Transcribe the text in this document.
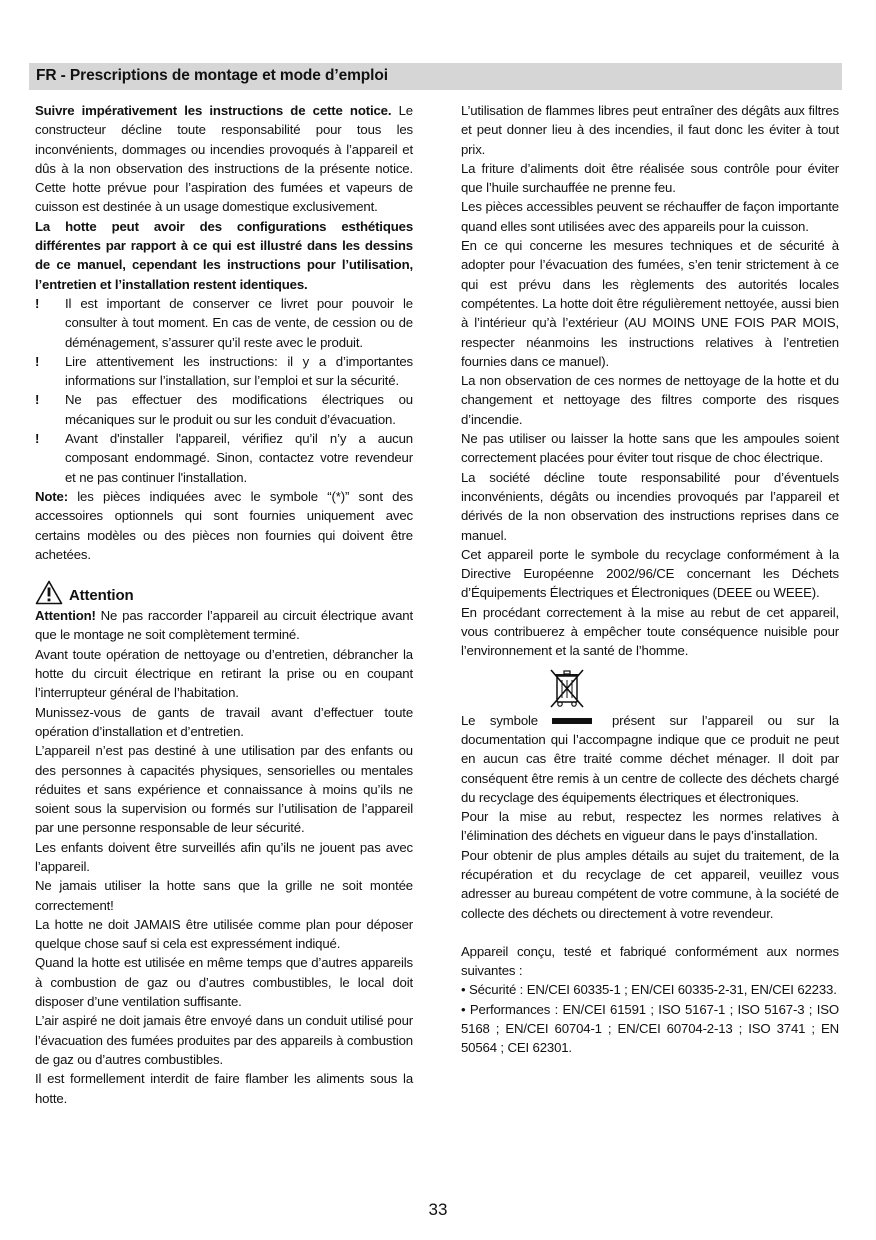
FR - Prescriptions de montage et mode d’emploi

Suivre impérativement les instructions de cette notice. Le constructeur décline toute responsabilité pour tous les inconvénients, dommages ou incendies provoqués à l’appareil et dûs à la non observation des instructions de la présente notice. Cette hotte prévue pour l’aspiration des fumées et vapeurs de cuisson est destinée à un usage domestique exclusivement.

La hotte peut avoir des configurations esthétiques différentes par rapport à ce qui est illustré dans les dessins de ce manuel, cependant les instructions pour l’utilisation, l’entretien et l’installation restent identiques.

! Il est important de conserver ce livret pour pouvoir le consulter à tout moment. En cas de vente, de cession ou de déménagement, s’assurer qu’il reste avec le produit.
! Lire attentivement les instructions: il y a d’importantes informations sur l’installation, sur l’emploi et sur la sécurité.
! Ne pas effectuer des modifications électriques ou mécaniques sur le produit ou sur les conduit d’évacuation.
! Avant d'installer l'appareil, vérifiez qu’il n’y a aucun composant endommagé. Sinon, contactez votre revendeur et ne pas continuer l'installation.

Note: les pièces indiquées avec le symbole “(*)” sont des accessoires optionnels qui sont fournies uniquement avec certains modèles ou des pièces non fournies qui doivent être achetées.

Attention

Attention! Ne pas raccorder l’appareil au circuit électrique avant que le montage ne soit complètement terminé.

Avant toute opération de nettoyage ou d’entretien, débrancher la hotte du circuit électrique en retirant la prise ou en coupant l’interrupteur général de l’habitation.

Munissez-vous de gants de travail avant d’effectuer toute opération d’installation et d’entretien.

L’appareil n’est pas destiné à une utilisation par des enfants ou des personnes à capacités physiques, sensorielles ou mentales réduites et sans expérience et connaissance à moins qu’ils ne soient sous la supervision ou formés sur l’utilisation de l’appareil par une personne responsable de leur sécurité.

Les enfants doivent être surveillés afin qu’ils ne jouent pas avec l’appareil.

Ne jamais utiliser la hotte sans que la grille ne soit montée correctement!

La hotte ne doit JAMAIS être utilisée comme plan pour déposer quelque chose sauf si cela est expressément indiqué.

Quand la hotte est utilisée en même temps que d’autres appareils à combustion de gaz ou d’autres combustibles, le local doit disposer d’une ventilation suffisante.

L’air aspiré ne doit jamais être envoyé dans un conduit utilisé pour l’évacuation des fumées produites par des appareils à combustion de gaz ou d’autres combustibles.

Il est formellement interdit de faire flamber les aliments sous la hotte.

L’utilisation de flammes libres peut entraîner des dégâts aux filtres et peut donner lieu à des incendies, il faut donc les éviter à tout prix.

La friture d’aliments doit être réalisée sous contrôle pour éviter que l’huile surchauffée ne prenne feu.

Les pièces accessibles peuvent se réchauffer de façon importante quand elles sont utilisées avec des appareils pour la cuisson.

En ce qui concerne les mesures techniques et de sécurité à adopter pour l’évacuation des fumées, s’en tenir strictement à ce qui est prévu dans les règlements des autorités locales compétentes. La hotte doit être régulièrement nettoyée, aussi bien à l’intérieur qu’à l’extérieur (AU MOINS UNE FOIS PAR MOIS, respecter néanmoins les instructions relatives à l’entretien fournies dans ce manuel).

La non observation de ces normes de nettoyage de la hotte et du changement et nettoyage des filtres comporte des risques d’incendie.

Ne pas utiliser ou laisser la hotte sans que les ampoules soient correctement placées pour éviter tout risque de choc électrique.

La société décline toute responsabilité pour d’éventuels inconvénients, dégâts ou incendies provoqués par l’appareil et dérivés de la non observation des instructions reprises dans ce manuel.

Cet appareil porte le symbole du recyclage conformément à la Directive Européenne 2002/96/CE concernant les Déchets d’Équipements Électriques et Électroniques (DEEE ou WEEE).

En procédant correctement à la mise au rebut de cet appareil, vous contribuerez à empêcher toute conséquence nuisible pour l’environnement et la santé de l’homme.

Le symbole	présent sur l’appareil ou sur la documentation qui l’accompagne indique que ce produit ne peut en aucun cas être traité comme déchet ménager. Il doit par conséquent être remis à un centre de collecte des déchets chargé du recyclage des équipements électriques et électroniques.

Pour la mise au rebut, respectez les normes relatives à l’élimination des déchets en vigueur dans le pays d’installation.

Pour obtenir de plus amples détails au sujet du traitement, de la récupération et du recyclage de cet appareil, veuillez vous adresser au bureau compétent de votre commune, à la société de collecte des déchets ou directement à votre revendeur.

Appareil conçu, testé et fabriqué conformément aux normes suivantes :

• Sécurité : EN/CEI 60335-1 ; EN/CEI 60335-2-31, EN/CEI 62233.

• Performances : EN/CEI 61591 ; ISO 5167-1 ; ISO 5167-3 ; ISO 5168 ; EN/CEI 60704-1 ; EN/CEI 60704-2-13 ; ISO 3741 ; EN 50564 ; CEI 62301.

33
